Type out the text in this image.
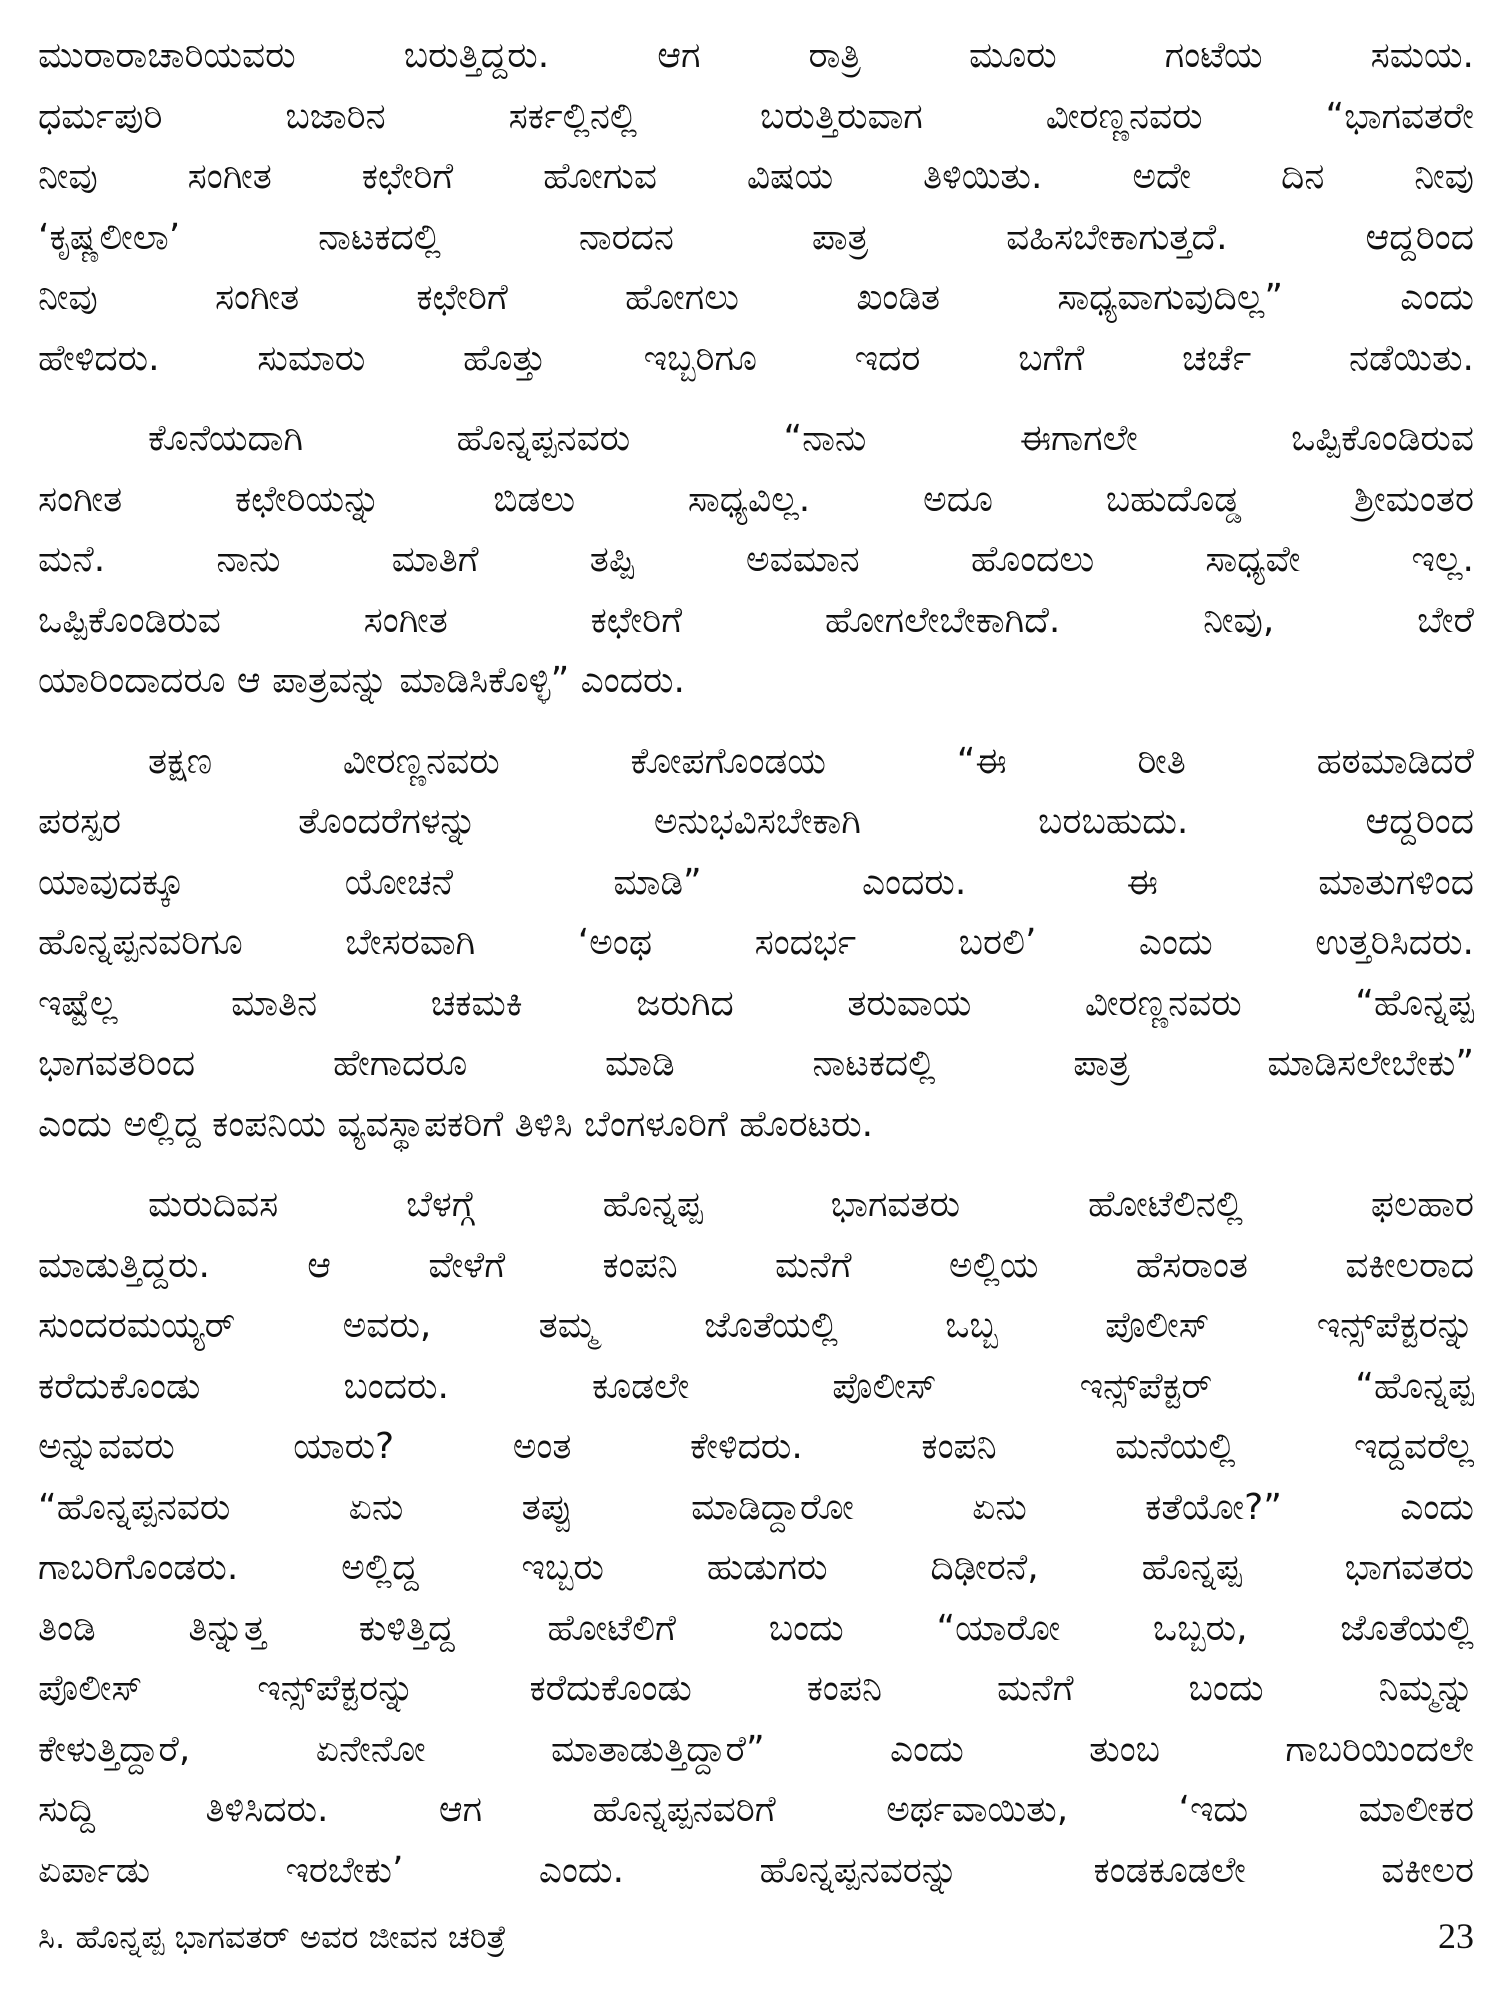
ಮುರಾರಾಚಾರಿಯವರು ಬರುತ್ತಿದ್ದರು. ಆಗ ರಾತ್ರಿ ಮೂರು ಗಂಟೆಯ ಸಮಯ.
ಧರ್ಮಪುರಿ ಬಜಾರಿನ ಸರ್ಕಲ್ಲಿನಲ್ಲಿ ಬರುತ್ತಿರುವಾಗ ವೀರಣ್ಣನವರು “ಭಾಗವತರೇ
ನೀವು ಸಂಗೀತ ಕಛೇರಿಗೆ ಹೋಗುವ ವಿಷಯ ತಿಳಿಯಿತು. ಅದೇ ದಿನ ನೀವು
‘ಕೃಷ್ಣಲೀಲಾ’ ನಾಟಕದಲ್ಲಿ ನಾರದನ ಪಾತ್ರ ವಹಿಸಬೇಕಾಗುತ್ತದೆ. ಆದ್ದರಿಂದ
ನೀವು ಸಂಗೀತ ಕಛೇರಿಗೆ ಹೋಗಲು ಖಂಡಿತ ಸಾಧ್ಯವಾಗುವುದಿಲ್ಲ” ಎಂದು
ಹೇಳಿದರು. ಸುಮಾರು ಹೊತ್ತು ಇಬ್ಬರಿಗೂ ಇದರ ಬಗೆಗೆ ಚರ್ಚೆ ನಡೆಯಿತು.
ಕೊನೆಯದಾಗಿ ಹೊನ್ನಪ್ಪನವರು “ನಾನು ಈಗಾಗಲೇ ಒಪ್ಪಿಕೊಂಡಿರುವ
ಸಂಗೀತ ಕಛೇರಿಯನ್ನು ಬಿಡಲು ಸಾಧ್ಯವಿಲ್ಲ. ಅದೂ ಬಹುದೊಡ್ಡ ಶ್ರೀಮಂತರ
ಮನೆ. ನಾನು ಮಾತಿಗೆ ತಪ್ಪಿ ಅವಮಾನ ಹೊಂದಲು ಸಾಧ್ಯವೇ ಇಲ್ಲ.
ಒಪ್ಪಿಕೊಂಡಿರುವ ಸಂಗೀತ ಕಛೇರಿಗೆ ಹೋಗಲೇಬೇಕಾಗಿದೆ. ನೀವು, ಬೇರೆ
ಯಾರಿಂದಾದರೂ ಆ ಪಾತ್ರವನ್ನು ಮಾಡಿಸಿಕೊಳ್ಳಿ” ಎಂದರು.
ತಕ್ಷಣ ವೀರಣ್ಣನವರು ಕೋಪಗೊಂಡಯ “ಈ ರೀತಿ ಹಠಮಾಡಿದರೆ
ಪರಸ್ಪರ ತೊಂದರೆಗಳನ್ನು ಅನುಭವಿಸಬೇಕಾಗಿ ಬರಬಹುದು. ಆದ್ದರಿಂದ
ಯಾವುದಕ್ಕೂ ಯೋಚನೆ ಮಾಡಿ” ಎಂದರು. ಈ ಮಾತುಗಳಿಂದ
ಹೊನ್ನಪ್ಪನವರಿಗೂ ಬೇಸರವಾಗಿ ‘ಅಂಥ ಸಂದರ್ಭ ಬರಲಿ’ ಎಂದು ಉತ್ತರಿಸಿದರು.
ಇಷ್ಟೆಲ್ಲ ಮಾತಿನ ಚಕಮಕಿ ಜರುಗಿದ ತರುವಾಯ ವೀರಣ್ಣನವರು “ಹೊನ್ನಪ್ಪ
ಭಾಗವತರಿಂದ ಹೇಗಾದರೂ ಮಾಡಿ ನಾಟಕದಲ್ಲಿ ಪಾತ್ರ ಮಾಡಿಸಲೇಬೇಕು”
ಎಂದು ಅಲ್ಲಿದ್ದ ಕಂಪನಿಯ ವ್ಯವಸ್ಥಾಪಕರಿಗೆ ತಿಳಿಸಿ ಬೆಂಗಳೂರಿಗೆ ಹೊರಟರು.
ಮರುದಿವಸ ಬೆಳಗ್ಗೆ ಹೊನ್ನಪ್ಪ ಭಾಗವತರು ಹೋಟೆಲಿನಲ್ಲಿ ಫಲಹಾರ
ಮಾಡುತ್ತಿದ್ದರು. ಆ ವೇಳೆಗೆ ಕಂಪನಿ ಮನೆಗೆ ಅಲ್ಲಿಯ ಹೆಸರಾಂತ ವಕೀಲರಾದ
ಸುಂದರಮಯ್ಯರ್ ಅವರು, ತಮ್ಮ ಜೊತೆಯಲ್ಲಿ ಒಬ್ಬ ಪೊಲೀಸ್ ಇನ್ಸ್‌ಪೆಕ್ಟರನ್ನು
ಕರೆದುಕೊಂಡು ಬಂದರು. ಕೂಡಲೇ ಪೊಲೀಸ್ ಇನ್ಸ್‌ಪೆಕ್ಟರ್ “ಹೊನ್ನಪ್ಪ
ಅನ್ನುವವರು ಯಾರು? ಅಂತ ಕೇಳಿದರು. ಕಂಪನಿ ಮನೆಯಲ್ಲಿ ಇದ್ದವರೆಲ್ಲ
“ಹೊನ್ನಪ್ಪನವರು ಏನು ತಪ್ಪು ಮಾಡಿದ್ದಾರೋ ಏನು ಕತೆಯೋ?” ಎಂದು
ಗಾಬರಿಗೊಂಡರು. ಅಲ್ಲಿದ್ದ ಇಬ್ಬರು ಹುಡುಗರು ದಿಢೀರನೆ, ಹೊನ್ನಪ್ಪ ಭಾಗವತರು
ತಿಂಡಿ ತಿನ್ನುತ್ತ ಕುಳಿತ್ತಿದ್ದ ಹೋಟೆಲಿಗೆ ಬಂದು “ಯಾರೋ ಒಬ್ಬರು, ಜೊತೆಯಲ್ಲಿ
ಪೊಲೀಸ್ ಇನ್ಸ್‌ಪೆಕ್ಟರನ್ನು ಕರೆದುಕೊಂಡು ಕಂಪನಿ ಮನೆಗೆ ಬಂದು ನಿಮ್ಮನ್ನು
ಕೇಳುತ್ತಿದ್ದಾರೆ, ಏನೇನೋ ಮಾತಾಡುತ್ತಿದ್ದಾರೆ” ಎಂದು ತುಂಬ ಗಾಬರಿಯಿಂದಲೇ
ಸುದ್ದಿ ತಿಳಿಸಿದರು. ಆಗ ಹೊನ್ನಪ್ಪನವರಿಗೆ ಅರ್ಥವಾಯಿತು, ‘ಇದು ಮಾಲೀಕರ
ಏರ್ಪಾಡು ಇರಬೇಕು’ ಎಂದು. ಹೊನ್ನಪ್ಪನವರನ್ನು ಕಂಡಕೂಡಲೇ ವಕೀಲರ
ಸಿ. ಹೊನ್ನಪ್ಪ ಭಾಗವತರ್ ಅವರ ಜೀವನ ಚರಿತ್ರೆ	23
